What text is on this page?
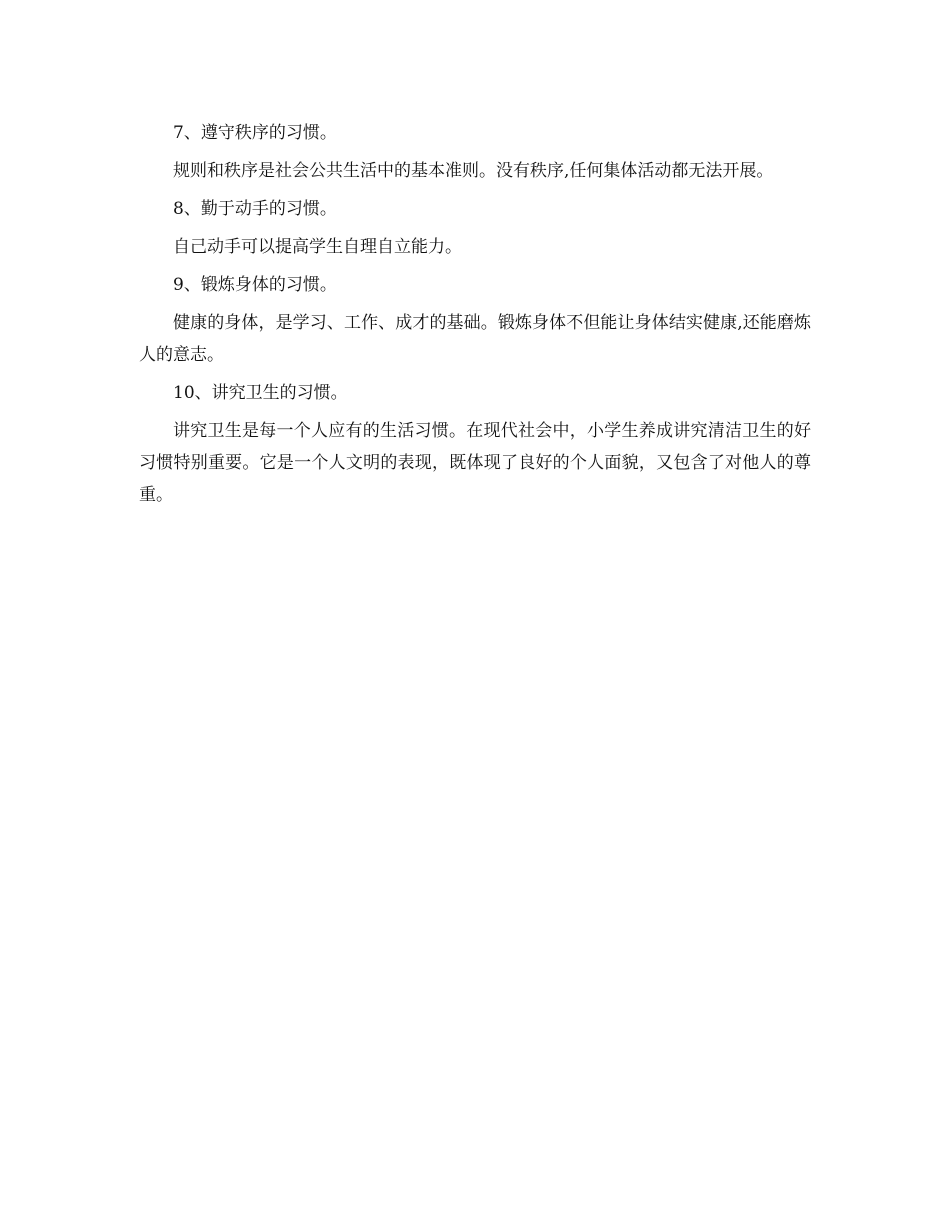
7、遵守秩序的习惯。

规则和秩序是社会公共生活中的基本准则。没有秩序,任何集体活动都无法开展。

8、勤于动手的习惯。

自己动手可以提高学生自理自立能力。

9、锻炼身体的习惯。

健康的身体，是学习、工作、成才的基础。锻炼身体不但能让身体结实健康,还能磨炼人的意志。

10、讲究卫生的习惯。

讲究卫生是每一个人应有的生活习惯。在现代社会中，小学生养成讲究清洁卫生的好习惯特别重要。它是一个人文明的表现，既体现了良好的个人面貌，又包含了对他人的尊重。
